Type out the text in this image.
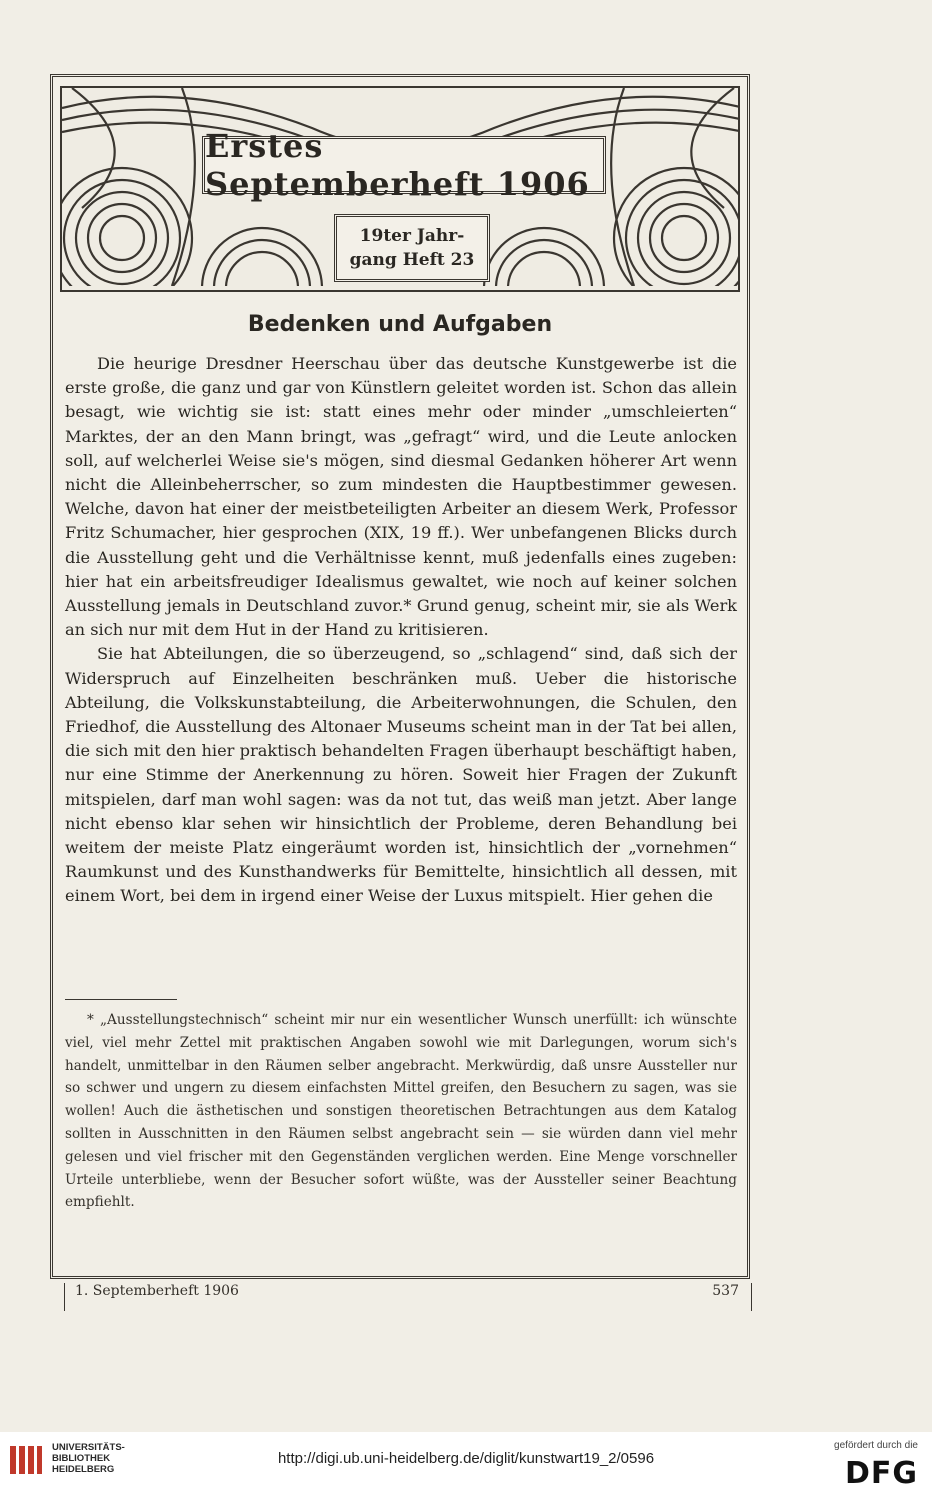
Erstes Septemberheft 1906
19ter Jahr-
gang Heft 23
Bedenken und Aufgaben

Die heurige Dresdner Heerschau über das deutsche Kunstgewerbe ist die erste große, die ganz und gar von Künstlern geleitet worden ist. Schon das allein besagt, wie wichtig sie ist: statt eines mehr oder minder „umschleierten“ Marktes, der an den Mann bringt, was „gefragt“ wird, und die Leute anlocken soll, auf welcherlei Weise sie's mögen, sind diesmal Gedanken höherer Art wenn nicht die Alleinbeherrscher, so zum mindesten die Hauptbestimmer gewesen. Welche, davon hat einer der meistbeteiligten Arbeiter an diesem Werk, Professor Fritz Schumacher, hier gesprochen (XIX, 19 ff.). Wer unbefangenen Blicks durch die Ausstellung geht und die Verhältnisse kennt, muß jedenfalls eines zugeben: hier hat ein arbeitsfreudiger Idealismus gewaltet, wie noch auf keiner solchen Ausstellung jemals in Deutschland zuvor.* Grund genug, scheint mir, sie als Werk an sich nur mit dem Hut in der Hand zu kritisieren.

Sie hat Abteilungen, die so überzeugend, so „schlagend“ sind, daß sich der Widerspruch auf Einzelheiten beschränken muß. Ueber die historische Abteilung, die Volkskunstabteilung, die Arbeiterwohnungen, die Schulen, den Friedhof, die Ausstellung des Altonaer Museums scheint man in der Tat bei allen, die sich mit den hier praktisch behandelten Fragen überhaupt beschäftigt haben, nur eine Stimme der Anerkennung zu hören. Soweit hier Fragen der Zukunft mitspielen, darf man wohl sagen: was da not tut, das weiß man jetzt. Aber lange nicht ebenso klar sehen wir hinsichtlich der Probleme, deren Behandlung bei weitem der meiste Platz eingeräumt worden ist, hinsichtlich der „vornehmen“ Raumkunst und des Kunsthandwerks für Bemittelte, hinsichtlich all dessen, mit einem Wort, bei dem in irgend einer Weise der Luxus mitspielt. Hier gehen die

* „Ausstellungstechnisch“ scheint mir nur ein wesentlicher Wunsch unerfüllt: ich wünschte viel, viel mehr Zettel mit praktischen Angaben sowohl wie mit Darlegungen, worum sich's handelt, unmittelbar in den Räumen selber angebracht. Merkwürdig, daß unsre Aussteller nur so schwer und ungern zu diesem einfachsten Mittel greifen, den Besuchern zu sagen, was sie wollen! Auch die ästhetischen und sonstigen theoretischen Betrachtungen aus dem Katalog sollten in Ausschnitten in den Räumen selbst angebracht sein — sie würden dann viel mehr gelesen und viel frischer mit den Gegenständen verglichen werden. Eine Menge vorschneller Urteile unterbliebe, wenn der Besucher sofort wüßte, was der Aussteller seiner Beachtung empfiehlt.

1. Septemberheft 1906	537
UNIVERSITÄTS-
BIBLIOTHEK
HEIDELBERG
http://digi.ub.uni-heidelberg.de/diglit/kunstwart19_2/0596
gefördert durch die
DFG
